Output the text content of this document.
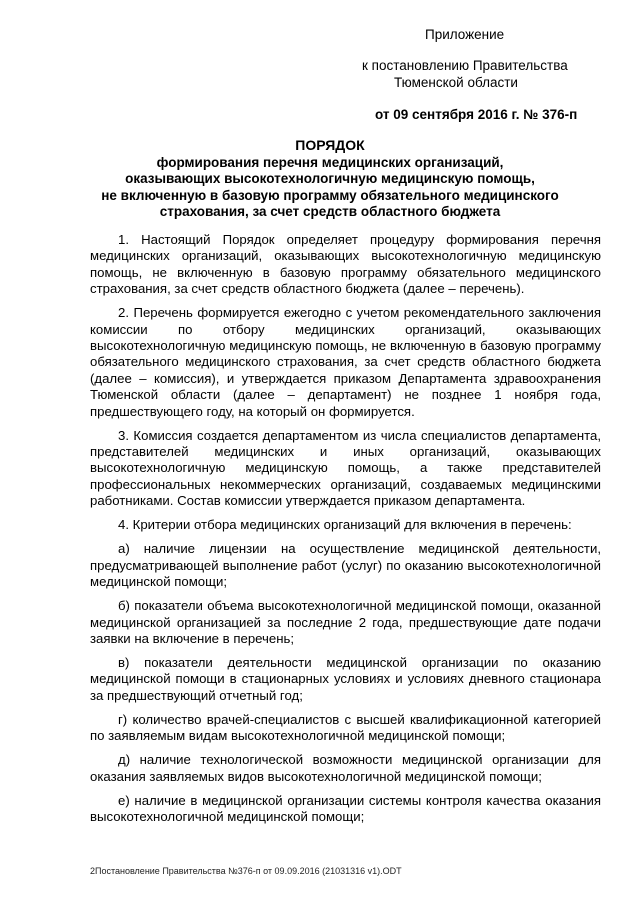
Приложение
к постановлению Правительства
Тюменской области
от 09 сентября 2016 г. № 376-п
ПОРЯДОК
формирования перечня медицинских организаций,
оказывающих высокотехнологичную медицинскую помощь,
не включенную в базовую программу обязательного медицинского
страхования, за счет средств областного бюджета

1. Настоящий Порядок определяет процедуру формирования перечня медицинских организаций, оказывающих высокотехнологичную медицинскую помощь, не включенную в базовую программу обязательного медицинского страхования, за счет средств областного бюджета (далее – перечень).

2. Перечень формируется ежегодно с учетом рекомендательного заключения комиссии по отбору медицинских организаций, оказывающих высокотехнологичную медицинскую помощь, не включенную в базовую программу обязательного медицинского страхования, за счет средств областного бюджета (далее – комиссия), и утверждается приказом Департамента здравоохранения Тюменской области (далее – департамент) не позднее 1 ноября года, предшествующего году, на который он формируется.

3. Комиссия создается департаментом из числа специалистов департамента, представителей медицинских и иных организаций, оказывающих высокотехнологичную медицинскую помощь, а также представителей профессиональных некоммерческих организаций, создаваемых медицинскими работниками. Состав комиссии утверждается приказом департамента.

4. Критерии отбора медицинских организаций для включения в перечень:

а) наличие лицензии на осуществление медицинской деятельности, предусматривающей выполнение работ (услуг) по оказанию высокотехнологичной медицинской помощи;

б) показатели объема высокотехнологичной медицинской помощи, оказанной медицинской организацией за последние 2 года, предшествующие дате подачи заявки на включение в перечень;

в) показатели деятельности медицинской организации по оказанию медицинской помощи в стационарных условиях и условиях дневного стационара за предшествующий отчетный год;

г) количество врачей-специалистов с высшей квалификационной категорией по заявляемым видам высокотехнологичной медицинской помощи;

д) наличие технологической возможности медицинской организации для оказания заявляемых видов высокотехнологичной медицинской помощи;

е) наличие в медицинской организации системы контроля качества оказания высокотехнологичной медицинской помощи;

2Постановление Правительства №376-п от 09.09.2016 (21031316 v1).ODT
